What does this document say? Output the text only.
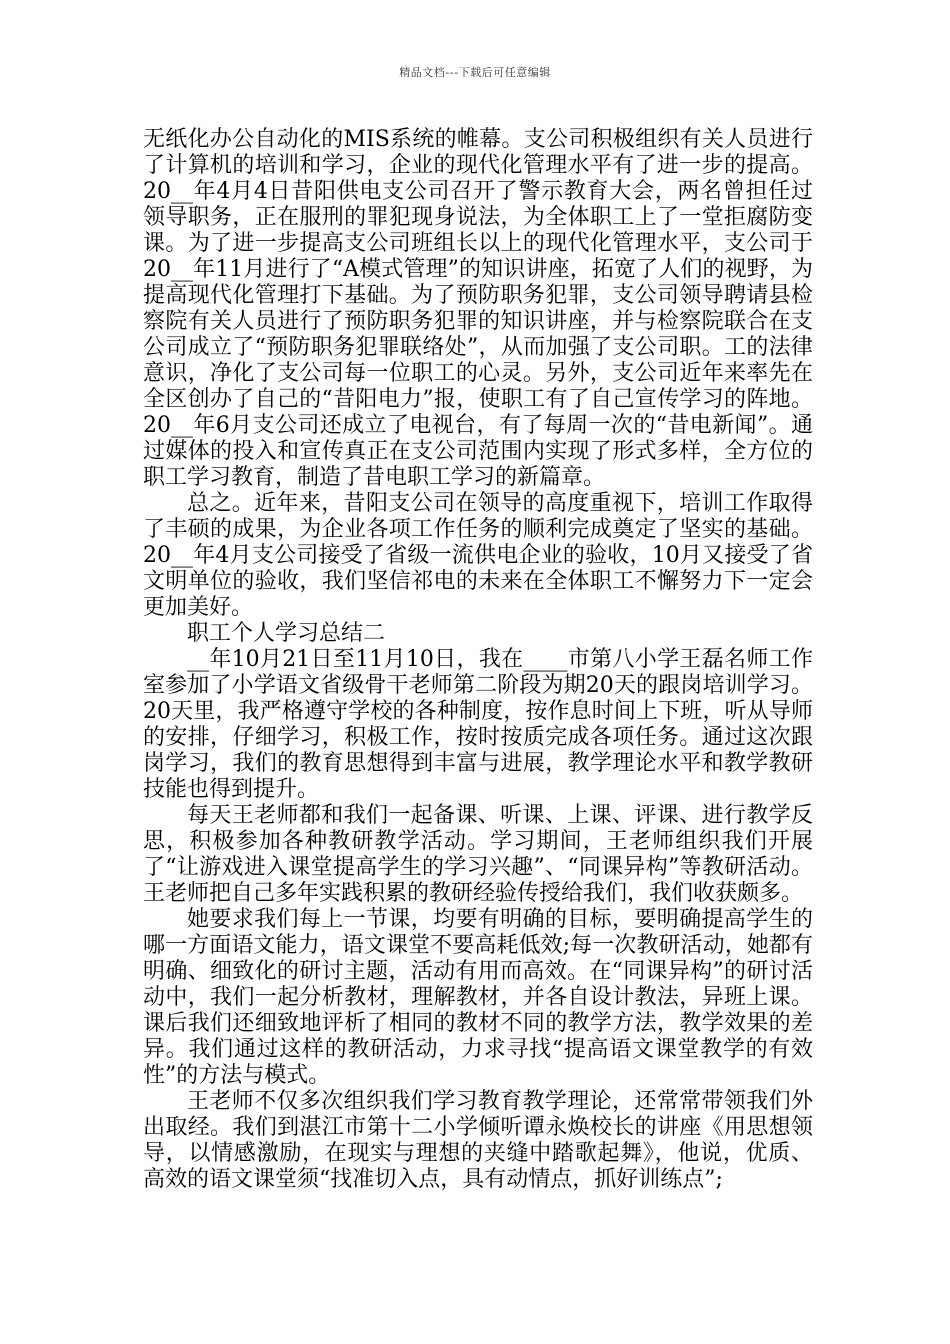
精品文档---下载后可任意编辑

无纸化办公自动化的MIS系统的帷幕。支公司积极组织有关人员进行了计算机的培训和学习，企业的现代化管理水平有了进一步的提高。20__年4月4日昔阳供电支公司召开了警示教育大会，两名曾担任过领导职务，正在服刑的罪犯现身说法，为全体职工上了一堂拒腐防变课。为了进一步提高支公司班组长以上的现代化管理水平，支公司于20__年11月进行了“A模式管理”的知识讲座，拓宽了人们的视野，为提高现代化管理打下基础。为了预防职务犯罪，支公司领导聘请县检察院有关人员进行了预防职务犯罪的知识讲座，并与检察院联合在支公司成立了“预防职务犯罪联络处”，从而加强了支公司职。工的法律意识，净化了支公司每一位职工的心灵。另外，支公司近年来率先在全区创办了自己的“昔阳电力”报，使职工有了自己宣传学习的阵地。20__年6月支公司还成立了电视台，有了每周一次的“昔电新闻”。通过媒体的投入和宣传真正在支公司范围内实现了形式多样，全方位的职工学习教育，制造了昔电职工学习的新篇章。

总之。近年来，昔阳支公司在领导的高度重视下，培训工作取得了丰硕的成果，为企业各项工作任务的顺利完成奠定了坚实的基础。20__年4月支公司接受了省级一流供电企业的验收，10月又接受了省文明单位的验收，我们坚信祁电的未来在全体职工不懈努力下一定会更加美好。

职工个人学习总结二

__年10月21日至11月10日，我在____市第八小学王磊名师工作室参加了小学语文省级骨干老师第二阶段为期20天的跟岗培训学习。20天里，我严格遵守学校的各种制度，按作息时间上下班，听从导师的安排，仔细学习，积极工作，按时按质完成各项任务。通过这次跟岗学习，我们的教育思想得到丰富与进展，教学理论水平和教学教研技能也得到提升。

每天王老师都和我们一起备课、听课、上课、评课、进行教学反思，积极参加各种教研教学活动。学习期间，王老师组织我们开展了“让游戏进入课堂提高学生的学习兴趣”、“同课异构”等教研活动。王老师把自己多年实践积累的教研经验传授给我们，我们收获颇多。

她要求我们每上一节课，均要有明确的目标，要明确提高学生的哪一方面语文能力，语文课堂不要高耗低效;每一次教研活动，她都有明确、细致化的研讨主题，活动有用而高效。在“同课异构”的研讨活动中，我们一起分析教材，理解教材，并各自设计教法，异班上课。课后我们还细致地评析了相同的教材不同的教学方法，教学效果的差异。我们通过这样的教研活动，力求寻找“提高语文课堂教学的有效性”的方法与模式。

王老师不仅多次组织我们学习教育教学理论，还常常带领我们外出取经。我们到湛江市第十二小学倾听谭永焕校长的讲座《用思想领导，以情感激励，在现实与理想的夹缝中踏歌起舞》，他说，优质、高效的语文课堂须“找准切入点，具有动情点，抓好训练点”;
